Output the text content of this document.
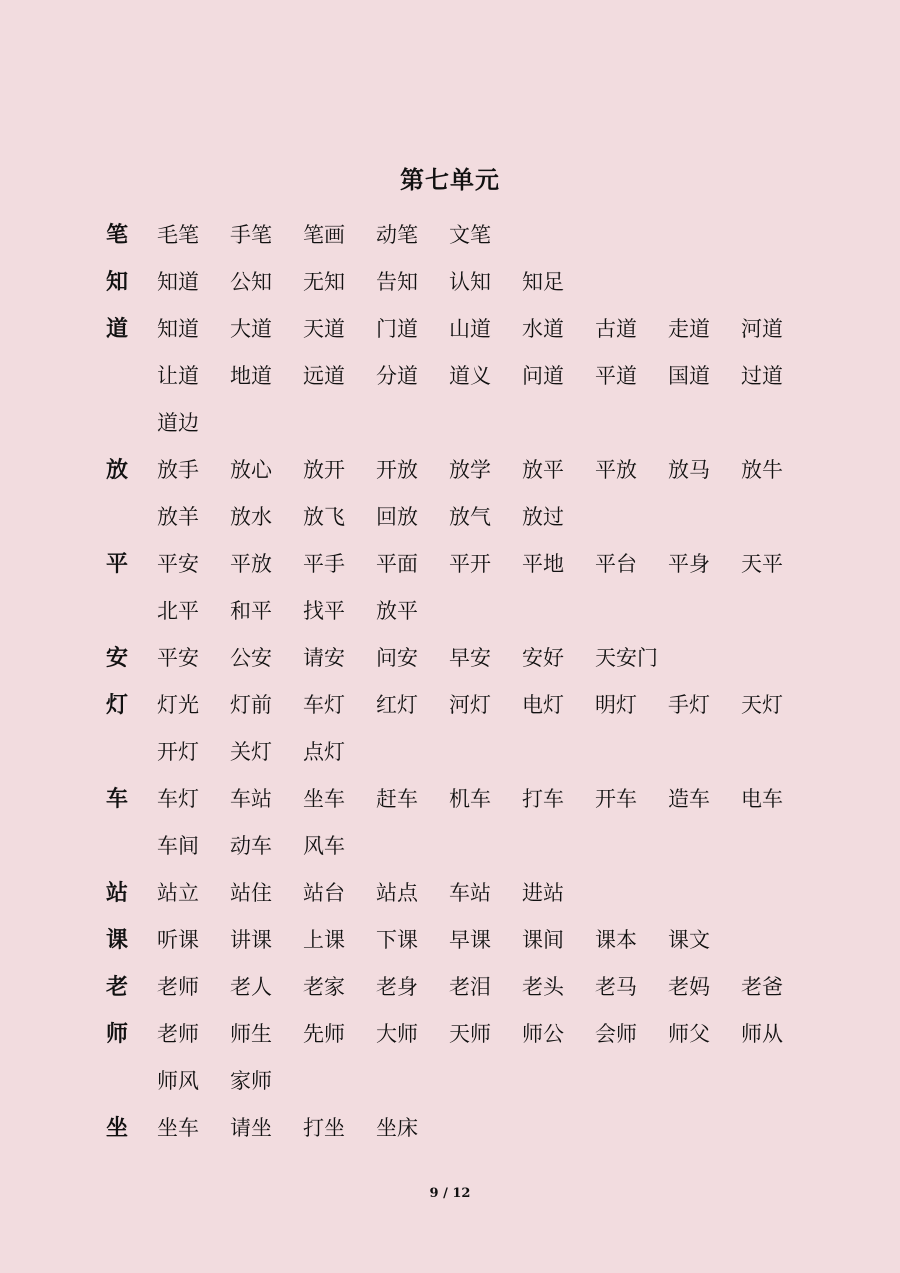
第七单元
笔	毛笔	手笔	笔画	动笔	文笔
知	知道	公知	无知	告知	认知	知足
道	知道	大道	天道	门道	山道	水道	古道	走道	河道
让道	地道	远道	分道	道义	问道	平道	国道	过道
道边
放	放手	放心	放开	开放	放学	放平	平放	放马	放牛
放羊	放水	放飞	回放	放气	放过
平	平安	平放	平手	平面	平开	平地	平台	平身	天平
北平	和平	找平	放平
安	平安	公安	请安	问安	早安	安好	天安门
灯	灯光	灯前	车灯	红灯	河灯	电灯	明灯	手灯	天灯
开灯	关灯	点灯
车	车灯	车站	坐车	赶车	机车	打车	开车	造车	电车
车间	动车	风车
站	站立	站住	站台	站点	车站	进站
课	听课	讲课	上课	下课	早课	课间	课本	课文
老	老师	老人	老家	老身	老泪	老头	老马	老妈	老爸
师	老师	师生	先师	大师	天师	师公	会师	师父	师从
师风	家师
坐	坐车	请坐	打坐	坐床
9 / 12
